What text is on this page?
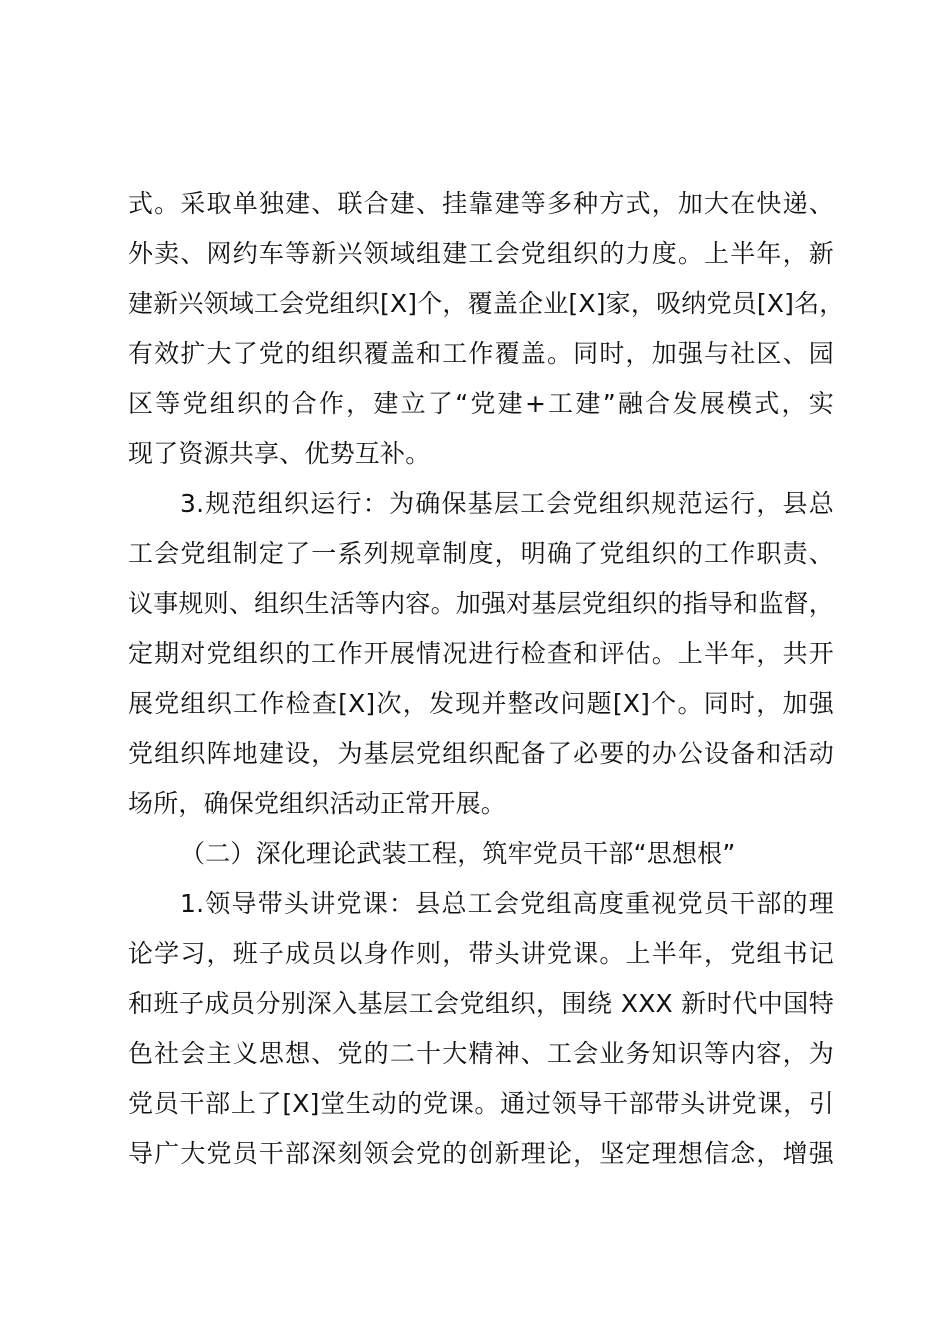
式。采取单独建、联合建、挂靠建等多种方式，加大在快递、
外卖、网约车等新兴领域组建工会党组织的力度。上半年，新
建新兴领域工会党组织[X]个，覆盖企业[X]家，吸纳党员[X]名，
有效扩大了党的组织覆盖和工作覆盖。同时，加强与社区、园
区等党组织的合作，建立了“党建+工建”融合发展模式，实
现了资源共享、优势互补。
3.规范组织运行：为确保基层工会党组织规范运行，县总
工会党组制定了一系列规章制度，明确了党组织的工作职责、
议事规则、组织生活等内容。加强对基层党组织的指导和监督，
定期对党组织的工作开展情况进行检查和评估。上半年，共开
展党组织工作检查[X]次，发现并整改问题[X]个。同时，加强
党组织阵地建设，为基层党组织配备了必要的办公设备和活动
场所，确保党组织活动正常开展。
（二）深化理论武装工程，筑牢党员干部“思想根”
1.领导带头讲党课：县总工会党组高度重视党员干部的理
论学习，班子成员以身作则，带头讲党课。上半年，党组书记
和班子成员分别深入基层工会党组织，围绕 XXX 新时代中国特
色社会主义思想、党的二十大精神、工会业务知识等内容，为
党员干部上了[X]堂生动的党课。通过领导干部带头讲党课，引
导广大党员干部深刻领会党的创新理论，坚定理想信念，增强
